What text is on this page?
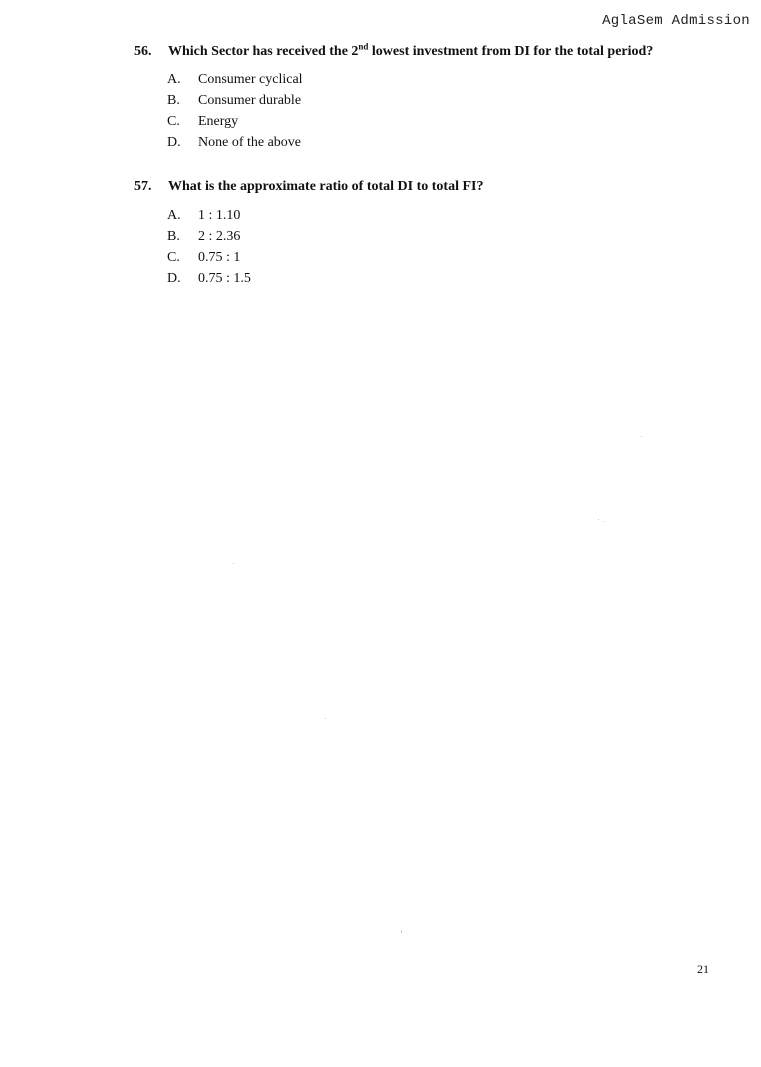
AglaSem Admission
56.	Which Sector has received the 2nd lowest investment from DI for the total period?
A.	Consumer cyclical
B.	Consumer durable
C.	Energy
D.	None of the above
57.	What is the approximate ratio of total DI to total FI?
A.	1 : 1.10
B.	2 : 2.36
C.	0.75 : 1
D.	0.75 : 1.5
21
